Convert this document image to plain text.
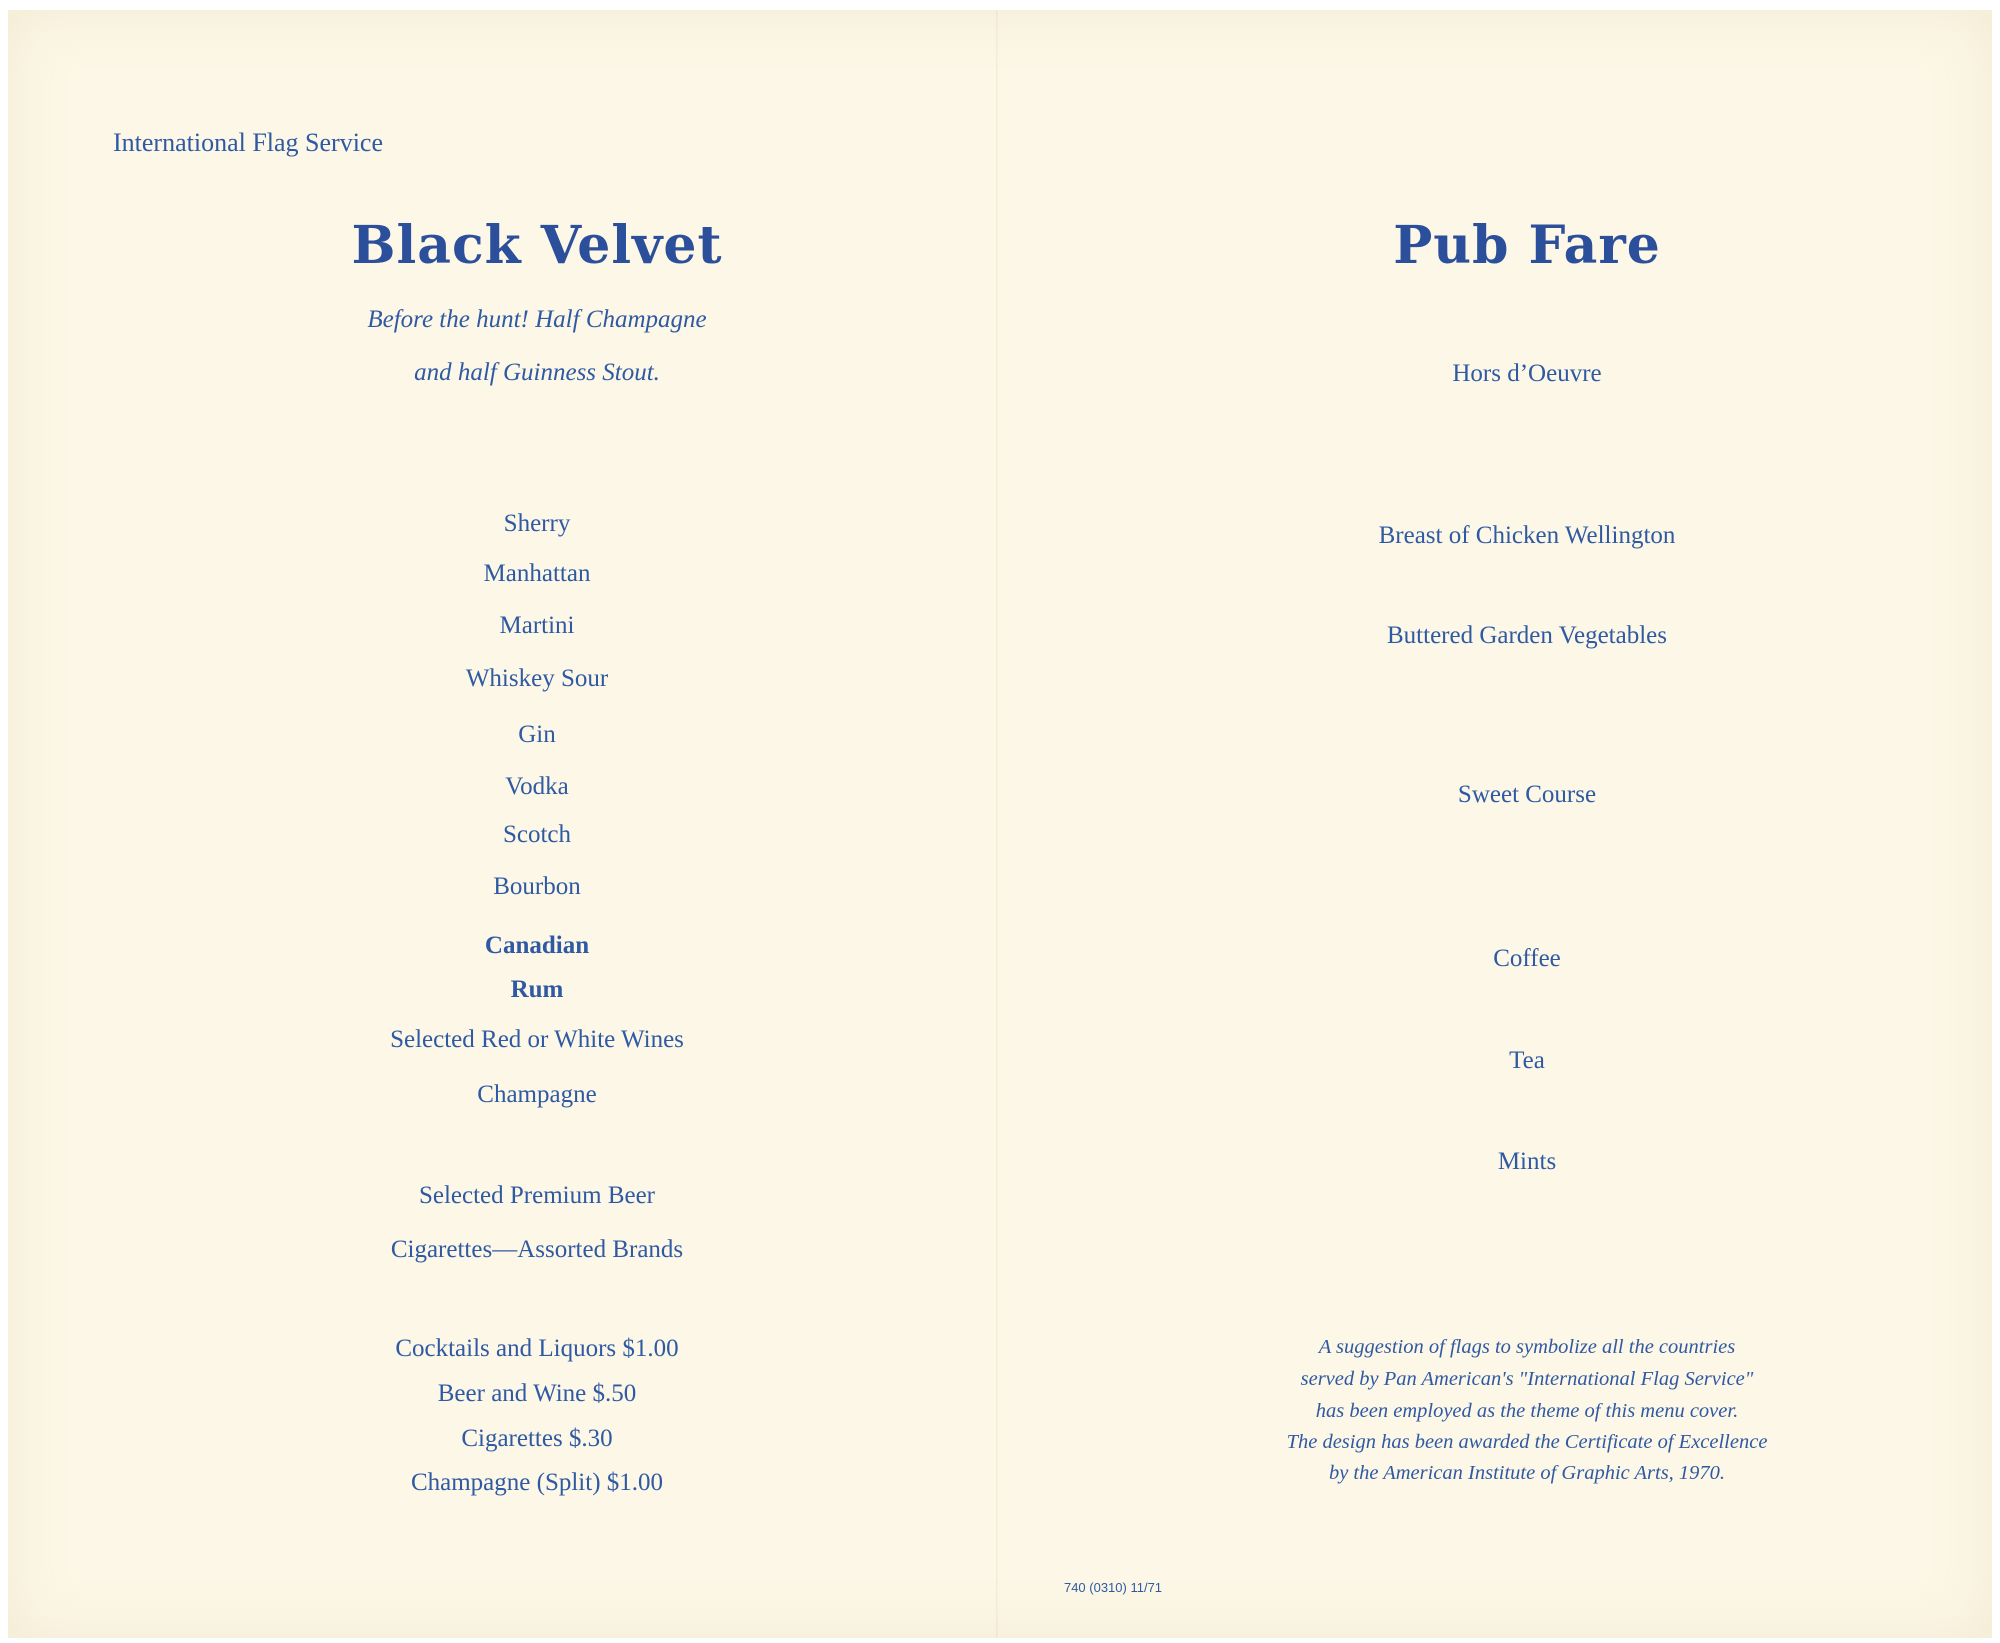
International Flag Service
Black Velvet
Before the hunt! Half Champagne
and half Guinness Stout.
Sherry
Manhattan
Martini
Whiskey Sour
Gin
Vodka
Scotch
Bourbon
Canadian
Rum
Selected Red or White Wines
Champagne
Selected Premium Beer
Cigarettes—Assorted Brands
Cocktails and Liquors $1.00
Beer and Wine $.50
Cigarettes $.30
Champagne (Split) $1.00
Pub Fare
Hors d’Oeuvre
Breast of Chicken Wellington
Buttered Garden Vegetables
Sweet Course
Coffee
Tea
Mints
A suggestion of flags to symbolize all the countries
served by Pan American's "International Flag Service"
has been employed as the theme of this menu cover.
The design has been awarded the Certificate of Excellence
by the American Institute of Graphic Arts, 1970.
740 (0310) 11/71
